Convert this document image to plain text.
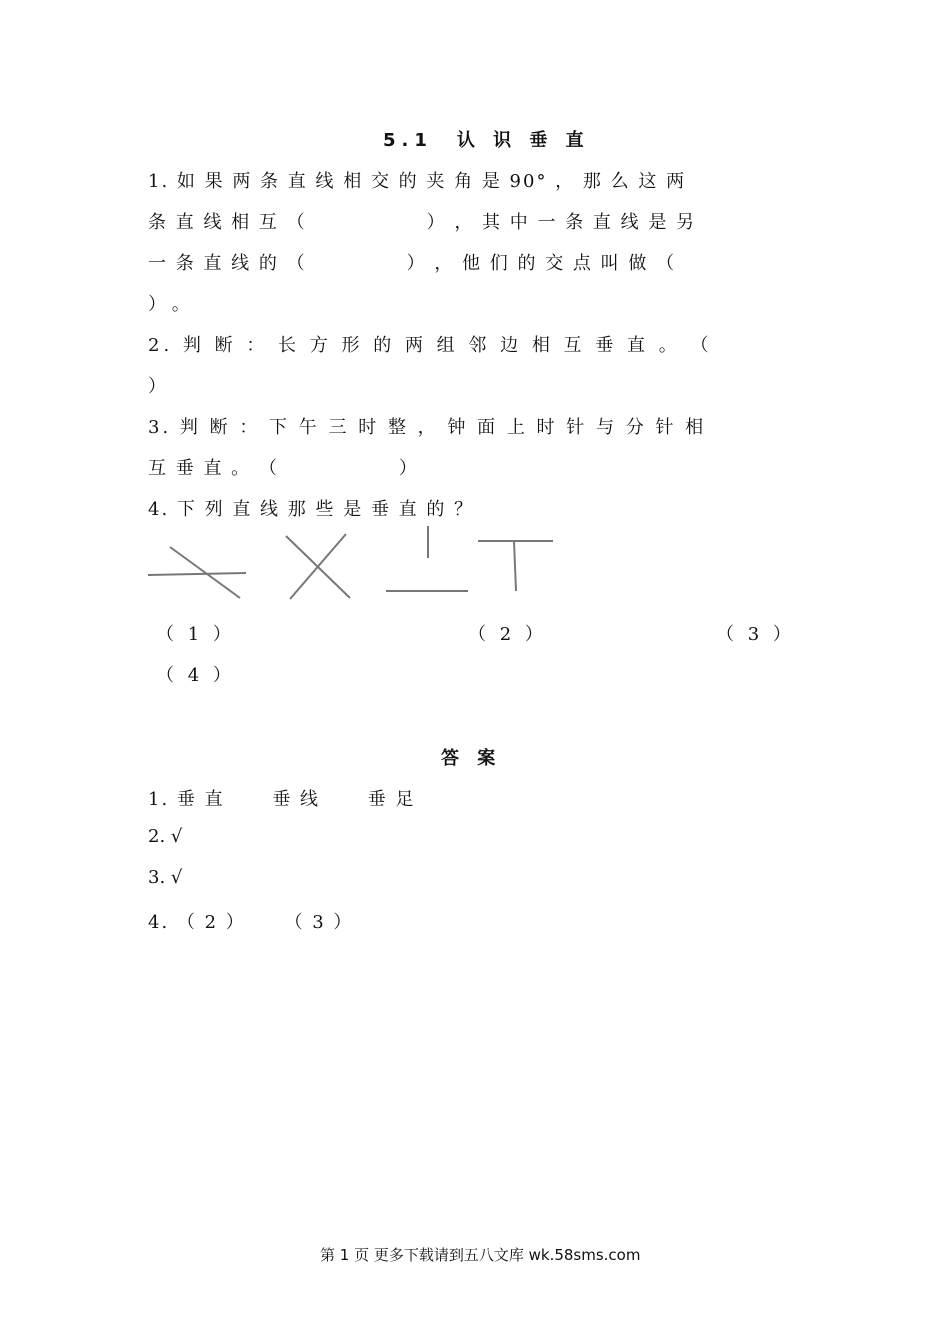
5.1　认 识 垂 直
1. 如 果 两 条 直 线 相 交 的 夹 角 是 90° ， 那 么 这 两
条 直 线 相 互 （　　　　　　） ， 其 中 一 条 直 线 是 另
一 条 直 线 的 （　　　　　） ， 他 们 的 交 点 叫 做 （
） 。
2. 判 断 ： 长 方 形 的 两 组 邻 边 相 互 垂 直 。 （
）
3. 判 断 ： 下 午 三 时 整 ， 钟 面 上 时 针 与 分 针 相
互 垂 直 。 （　　　　　　）
4. 下 列 直 线 那 些 是 垂 直 的 ？
（ 1 ）	（ 2 ）	（ 3 ）
（ 4 ）
答 案
1. 垂 直　　 垂 线　　 垂 足
2. √
3. √
4. （ 2 ）　　 （ 3 ）
第 1 页 更多下载请到五八文库 wk.58sms.com
